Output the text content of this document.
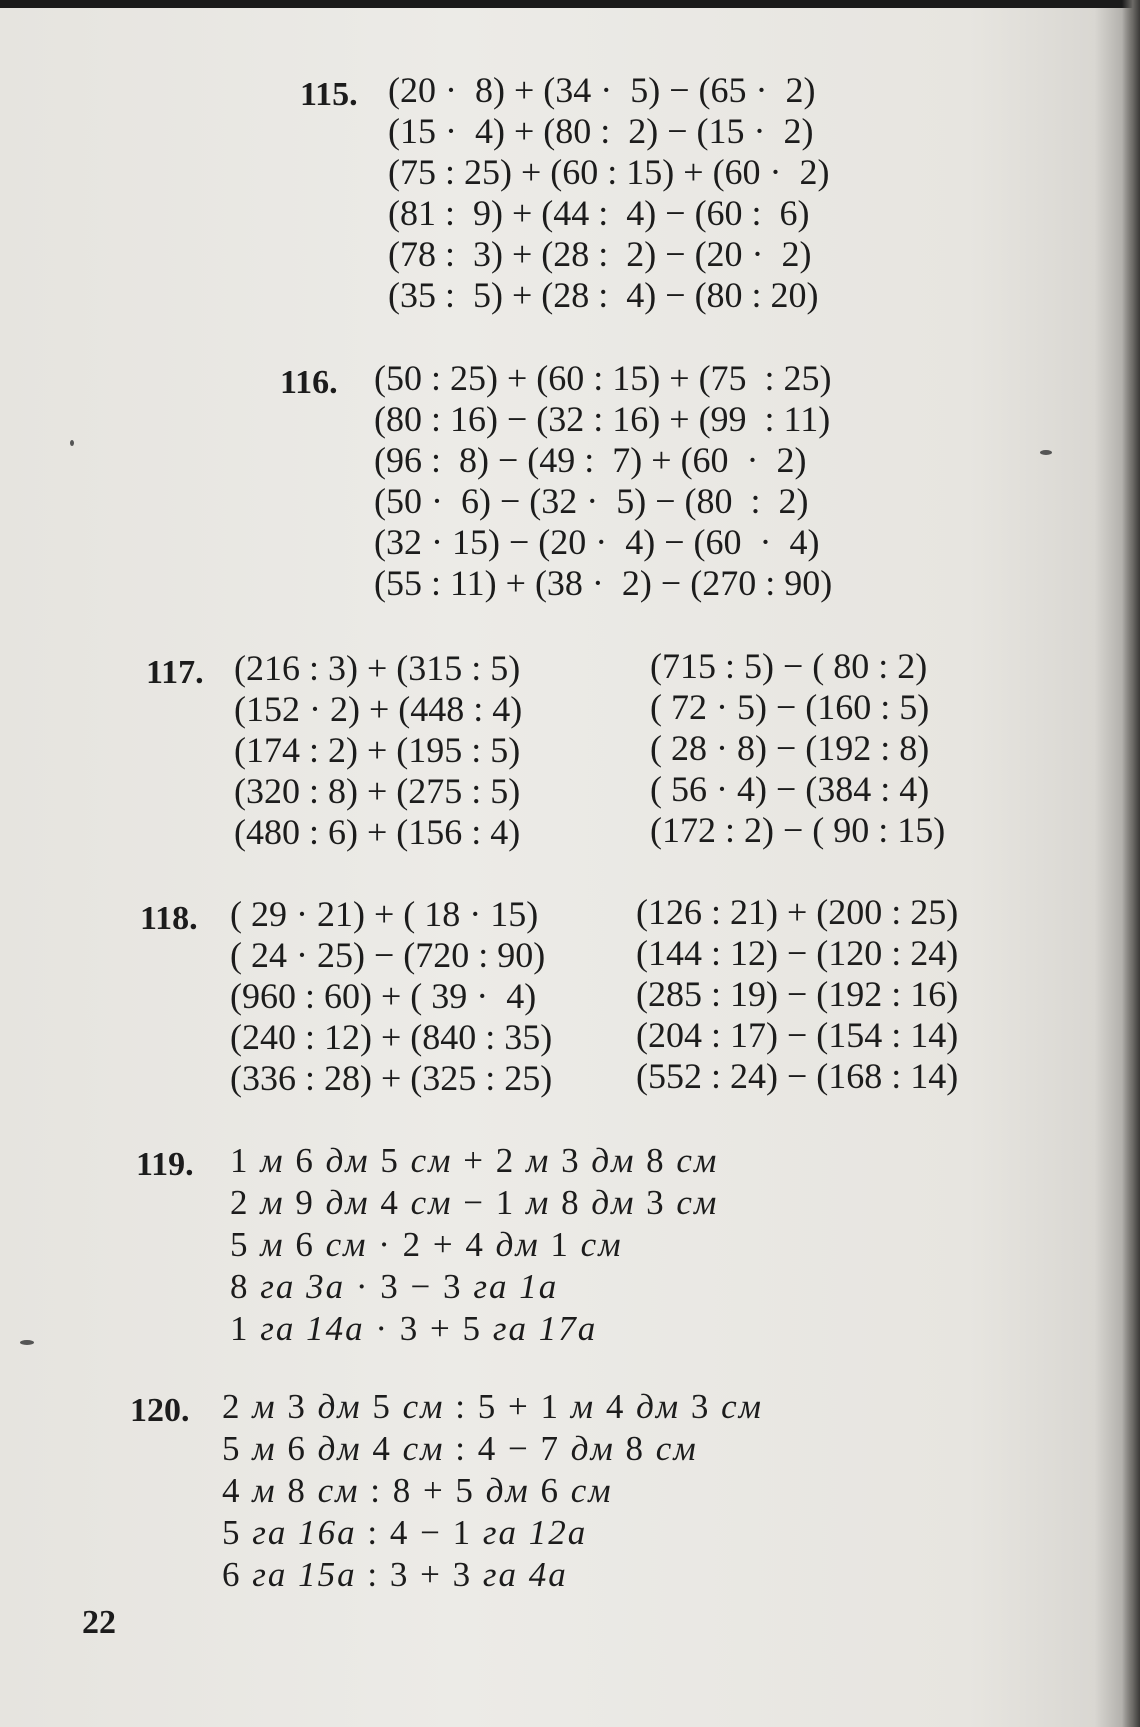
115. (20 ·  8) + (34 ·  5) − (65 ·  2)
(15 ·  4) + (80 :  2) − (15 ·  2)
(75 : 25) + (60 : 15) + (60 ·  2)
(81 :  9) + (44 :  4) − (60 :  6)
(78 :  3) + (28 :  2) − (20 ·  2)
(35 :  5) + (28 :  4) − (80 : 20)
116. (50 : 25) + (60 : 15) + (75  : 25)
(80 : 16) − (32 : 16) + (99  : 11)
(96 :  8) − (49 :  7) + (60  ·  2)
(50 ·  6) − (32 ·  5) − (80  :  2)
(32 · 15) − (20 ·  4) − (60  ·  4)
(55 : 11) + (38 ·  2) − (270 : 90)
117. (216 : 3) + (315 : 5)
(152 · 2) + (448 : 4)
(174 : 2) + (195 : 5)
(320 : 8) + (275 : 5)
(480 : 6) + (156 : 4)
(715 : 5) − ( 80 : 2)
( 72 · 5) − (160 : 5)
( 28 · 8) − (192 : 8)
( 56 · 4) − (384 : 4)
(172 : 2) − ( 90 : 15)
118. ( 29 · 21) + ( 18 · 15)
( 24 · 25) − (720 : 90)
(960 : 60) + ( 39 ·  4)
(240 : 12) + (840 : 35)
(336 : 28) + (325 : 25)
(126 : 21) + (200 : 25)
(144 : 12) − (120 : 24)
(285 : 19) − (192 : 16)
(204 : 17) − (154 : 14)
(552 : 24) − (168 : 14)
119. 1 м 6 дм 5 см + 2 м 3 дм 8 см
2 м 9 дм 4 см − 1 м 8 дм 3 см
5 м 6 см · 2 + 4 дм 1 см
8 га 3а · 3 − 3 га 1а
1 га 14а · 3 + 5 га 17а
120. 2 м 3 дм 5 см : 5 + 1 м 4 дм 3 см
5 м 6 дм 4 см : 4 − 7 дм 8 см
4 м 8 см : 8 + 5 дм 6 см
5 га 16а : 4 − 1 га 12а
6 га 15а : 3 + 3 га 4а
22
